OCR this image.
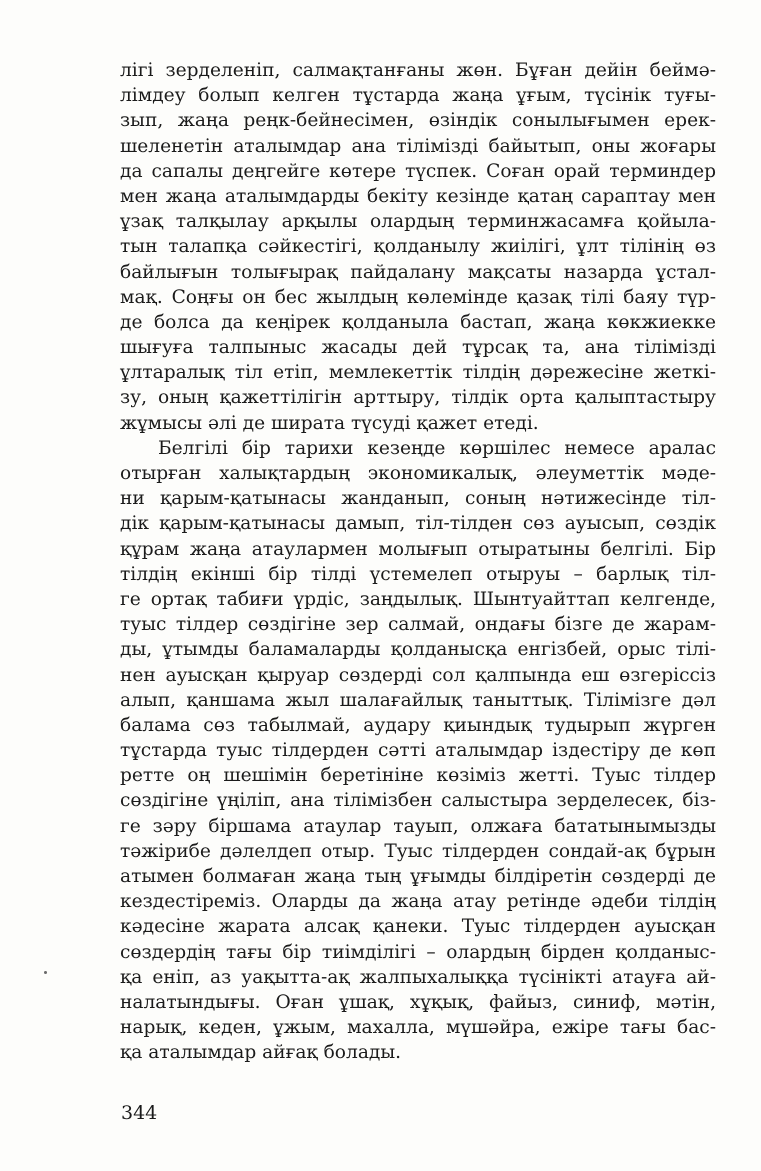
лігі зерделеніп, салмақтанғаны жөн. Бұған дейін беймә-
лімдеу болып келген тұстарда жаңа ұғым, түсінік туғы-
зып, жаңа реңк-бейнесімен, өзіндік сонылығымен ерек-
шеленетін аталымдар ана тілімізді байытып, оны жоғары
да сапалы деңгейге көтере түспек. Соған орай терминдер
мен жаңа аталымдарды бекіту кезінде қатаң сараптау мен
ұзақ талқылау арқылы олардың терминжасамға қойыла-
тын талапқа сәйкестігі, қолданылу жиілігі, ұлт тілінің өз
байлығын толығырақ пайдалану мақсаты назарда ұстал-
мақ. Соңғы он бес жылдың көлемінде қазақ тілі баяу түр-
де болса да кеңірек қолданыла бастап, жаңа көкжиекке
шығуға талпыныс жасады дей тұрсақ та, ана тілімізді
ұлтаралық тіл етіп, мемлекеттік тілдің дәрежесіне жеткі-
зу, оның қажеттілігін арттыру, тілдік орта қалыптастыру
жұмысы әлі де ширата түсуді қажет етеді.
Белгілі бір тарихи кезеңде көршілес немесе аралас
отырған халықтардың экономикалық, әлеуметтік мәде-
ни қарым-қатынасы жанданып, соның нәтижесінде тіл-
дік қарым-қатынасы дамып, тіл-тілден сөз ауысып, сөздік
құрам жаңа атаулармен молығып отыратыны белгілі. Бір
тілдің екінші бір тілді үстемелеп отыруы – барлық тіл-
ге ортақ табиғи үрдіс, заңдылық. Шынтуайттап келгенде,
туыс тілдер сөздігіне зер салмай, ондағы бізге де жарам-
ды, ұтымды баламаларды қолданысқа енгізбей, орыс тілі-
нен ауысқан қыруар сөздерді сол қалпында еш өзгеріссіз
алып, қаншама жыл шалағайлық таныттық. Тілімізге дәл
балама сөз табылмай, аудару қиындық тудырып жүрген
тұстарда туыс тілдерден сәтті аталымдар іздестіру де көп
ретте оң шешімін беретініне көзіміз жетті. Туыс тілдер
сөздігіне үңіліп, ана тілімізбен салыстыра зерделесек, біз-
ге зәру біршама атаулар тауып, олжаға бататынымызды
тәжірибе дәлелдеп отыр. Туыс тілдерден сондай-ақ бұрын
атымен болмаған жаңа тың ұғымды білдіретін сөздерді де
кездестіреміз. Оларды да жаңа атау ретінде әдеби тілдің
кәдесіне жарата алсақ қанеки. Туыс тілдерден ауысқан
сөздердің тағы бір тиімділігі – олардың бірден қолданыс-
қа еніп, аз уақытта-ақ жалпыхалыққа түсінікті атауға ай-
налатындығы. Оған ұшақ, хұқық, файыз, синиф, мәтін,
нарық, кеден, ұжым, махалла, мүшәйра, ежіре тағы бас-
қа аталымдар айғақ болады.
344
